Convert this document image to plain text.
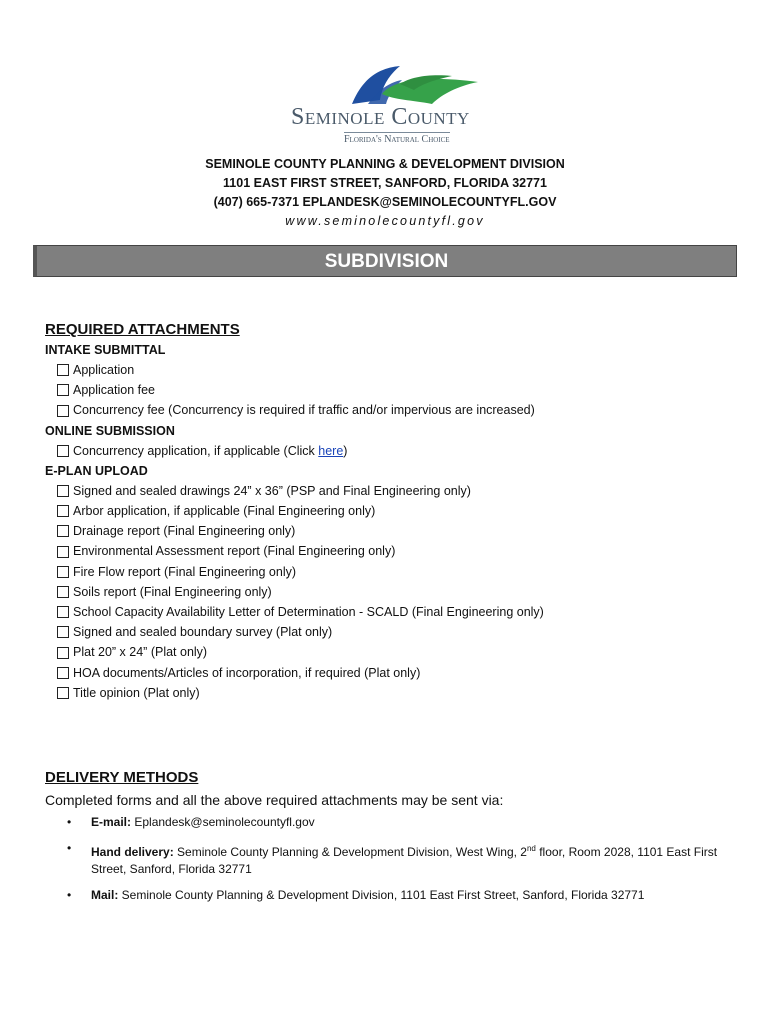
Seminole County
Florida's Natural Choice
SEMINOLE COUNTY PLANNING & DEVELOPMENT DIVISION
1101 EAST FIRST STREET, SANFORD, FLORIDA 32771
(407) 665-7371 EPLANDESK@SEMINOLECOUNTYFL.GOV
www.seminolecountyfl.gov
SUBDIVISION

REQUIRED ATTACHMENTS

INTAKE SUBMITTAL

Application
Application fee
Concurrency fee (Concurrency is required if traffic and/or impervious are increased)

ONLINE SUBMISSION

Concurrency application, if applicable (Click here )

E-PLAN UPLOAD

Signed and sealed drawings 24” x 36” (PSP and Final Engineering only)
Arbor application, if applicable (Final Engineering only)
Drainage report (Final Engineering only)
Environmental Assessment report (Final Engineering only)
Fire Flow report (Final Engineering only)
Soils report (Final Engineering only)
School Capacity Availability Letter of Determination - SCALD (Final Engineering only)
Signed and sealed boundary survey (Plat only)
Plat 20” x 24” (Plat only)
HOA documents/Articles of incorporation, if required (Plat only)
Title opinion (Plat only)

DELIVERY METHODS

Completed forms and all the above required attachments may be sent via:

• E-mail: Eplandesk@seminolecountyfl.gov
• Hand delivery: Seminole County Planning & Development Division, West Wing, 2nd floor, Room 2028, 1101 East First Street, Sanford, Florida 32771
• Mail: Seminole County Planning & Development Division, 1101 East First Street, Sanford, Florida 32771
